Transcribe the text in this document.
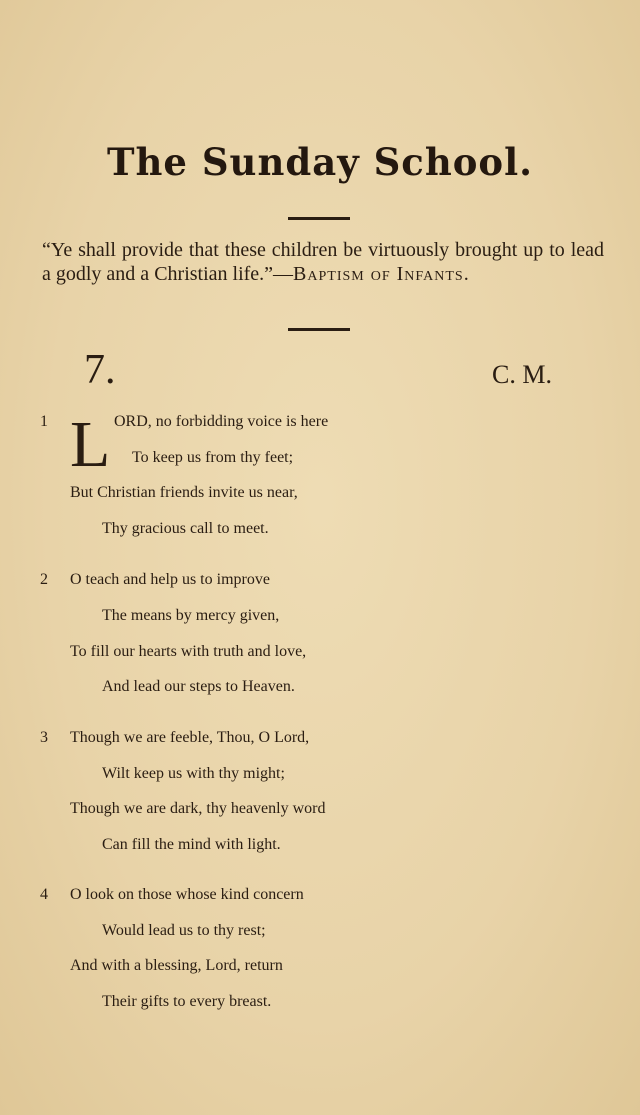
The Sunday School.
“Ye shall provide that these children be virtuously brought up to lead a godly and a Christian life.”—Baptism of Infants.
7.	C. M.
L
1	ORD, no forbidding voice is here
To keep us from thy feet;
But Christian friends invite us near,
Thy gracious call to meet.
2 O teach and help us to improve
The means by mercy given,
To fill our hearts with truth and love,
And lead our steps to Heaven.
3 Though we are feeble, Thou, O Lord,
Wilt keep us with thy might;
Though we are dark, thy heavenly word
Can fill the mind with light.
4 O look on those whose kind concern
Would lead us to thy rest;
And with a blessing, Lord, return
Their gifts to every breast.
